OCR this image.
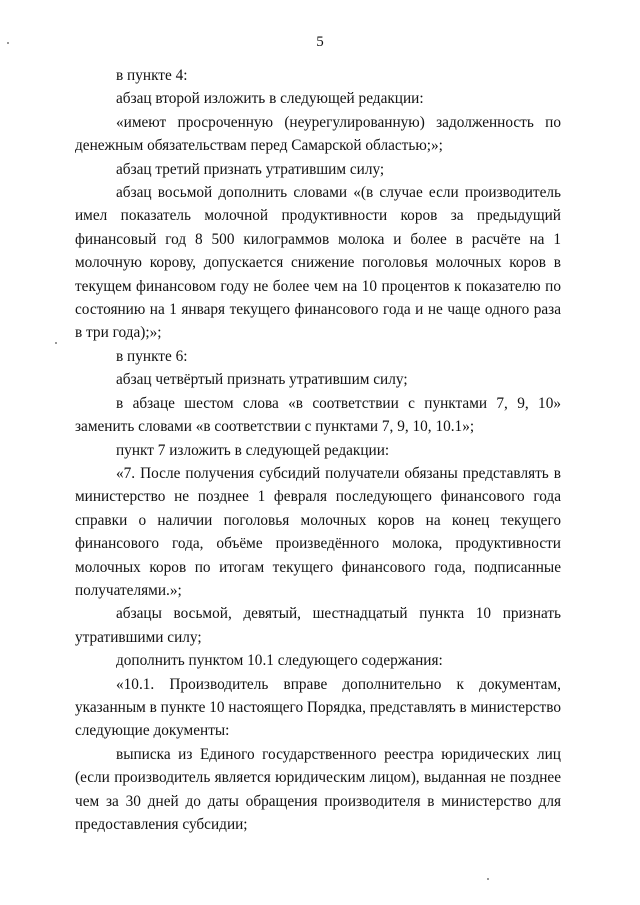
5

в пункте 4:

абзац второй изложить в следующей редакции:

«имеют просроченную (неурегулированную) задолженность по денежным обязательствам перед Самарской областью;»;

абзац третий признать утратившим силу;

абзац восьмой дополнить словами «(в случае если производитель имел показатель молочной продуктивности коров за предыдущий финансовый год 8 500 килограммов молока и более в расчёте на 1 молочную корову, допускается снижение поголовья молочных коров в текущем финансовом году не более чем на 10 процентов к показателю по состоянию на 1 января текущего финансового года и не чаще одного раза в три года);»;

в пункте 6:

абзац четвёртый признать утратившим силу;

в абзаце шестом слова «в соответствии с пунктами 7, 9, 10» заменить словами «в соответствии с пунктами 7, 9, 10, 10.1»;

пункт 7 изложить в следующей редакции:

«7. После получения субсидий получатели обязаны представлять в министерство не позднее 1 февраля последующего финансового года справки о наличии поголовья молочных коров на конец текущего финансового года, объёме произведённого молока, продуктивности молочных коров по итогам текущего финансового года, подписанные получателями.»;

абзацы восьмой, девятый, шестнадцатый пункта 10 признать утратившими силу;

дополнить пунктом 10.1 следующего содержания:

«10.1. Производитель вправе дополнительно к документам, указанным в пункте 10 настоящего Порядка, представлять в министерство следующие документы:

выписка из Единого государственного реестра юридических лиц (если производитель является юридическим лицом), выданная не позднее чем за 30 дней до даты обращения производителя в министерство для предоставления субсидии;
